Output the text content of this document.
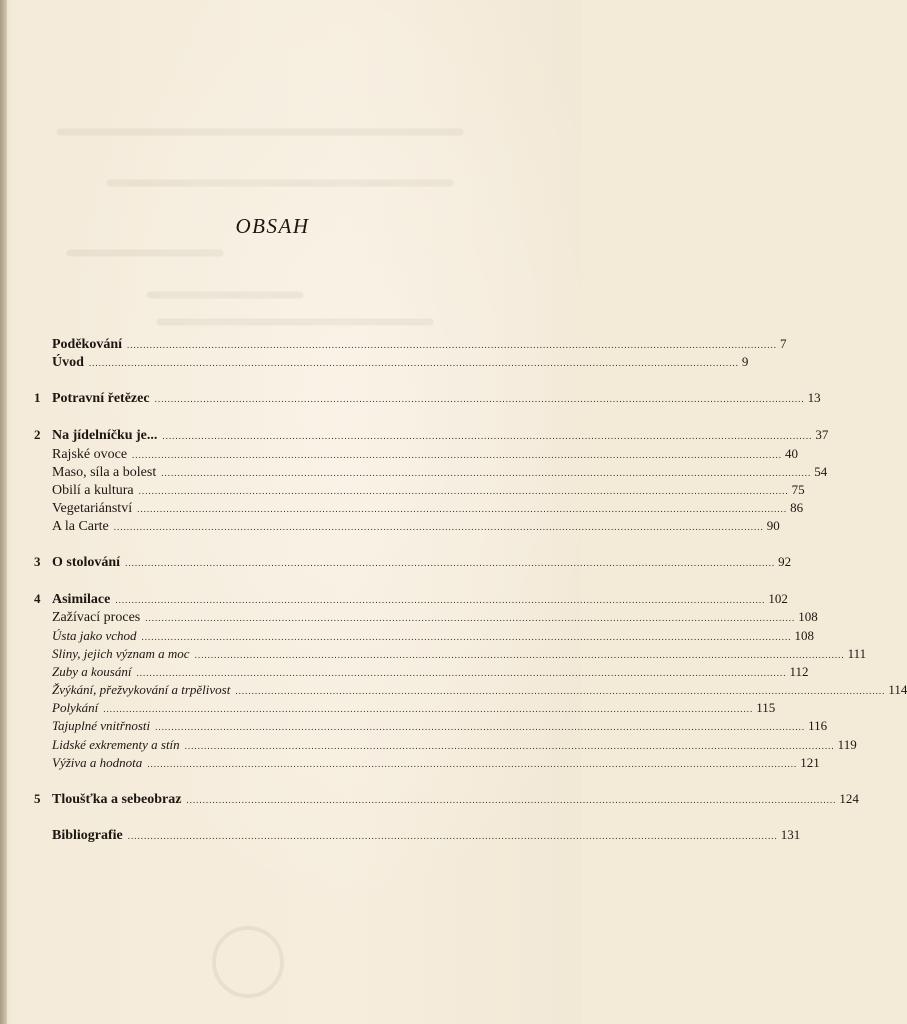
OBSAH
Poděkování ........................................................................................................................................................................................................ 7
Úvod ........................................................................................................................................................................................................ 9
1 Potravní řetězec ........................................................................................................................................................................................................ 13
2 Na jídelníčku je... ........................................................................................................................................................................................................ 37
Rajské ovoce ........................................................................................................................................................................................................ 40
Maso, síla a bolest ........................................................................................................................................................................................................ 54
Obilí a kultura ........................................................................................................................................................................................................ 75
Vegetariánství ........................................................................................................................................................................................................ 86
A la Carte ........................................................................................................................................................................................................ 90
3 O stolování ........................................................................................................................................................................................................ 92
4 Asimilace ........................................................................................................................................................................................................ 102
Zažívací proces ........................................................................................................................................................................................................ 108
Ústa jako vchod ........................................................................................................................................................................................................ 108
Sliny, jejich význam a moc ........................................................................................................................................................................................................ 111
Zuby a kousání ........................................................................................................................................................................................................ 112
Žvýkání, přežvykování a trpělivost ........................................................................................................................................................................................................ 114
Polykání ........................................................................................................................................................................................................ 115
Tajuplné vnitřnosti ........................................................................................................................................................................................................ 116
Lidské exkrementy a stín ........................................................................................................................................................................................................ 119
Výživa a hodnota ........................................................................................................................................................................................................ 121
5 Tloušťka a sebeobraz ........................................................................................................................................................................................................ 124
Bibliografie ........................................................................................................................................................................................................ 131
